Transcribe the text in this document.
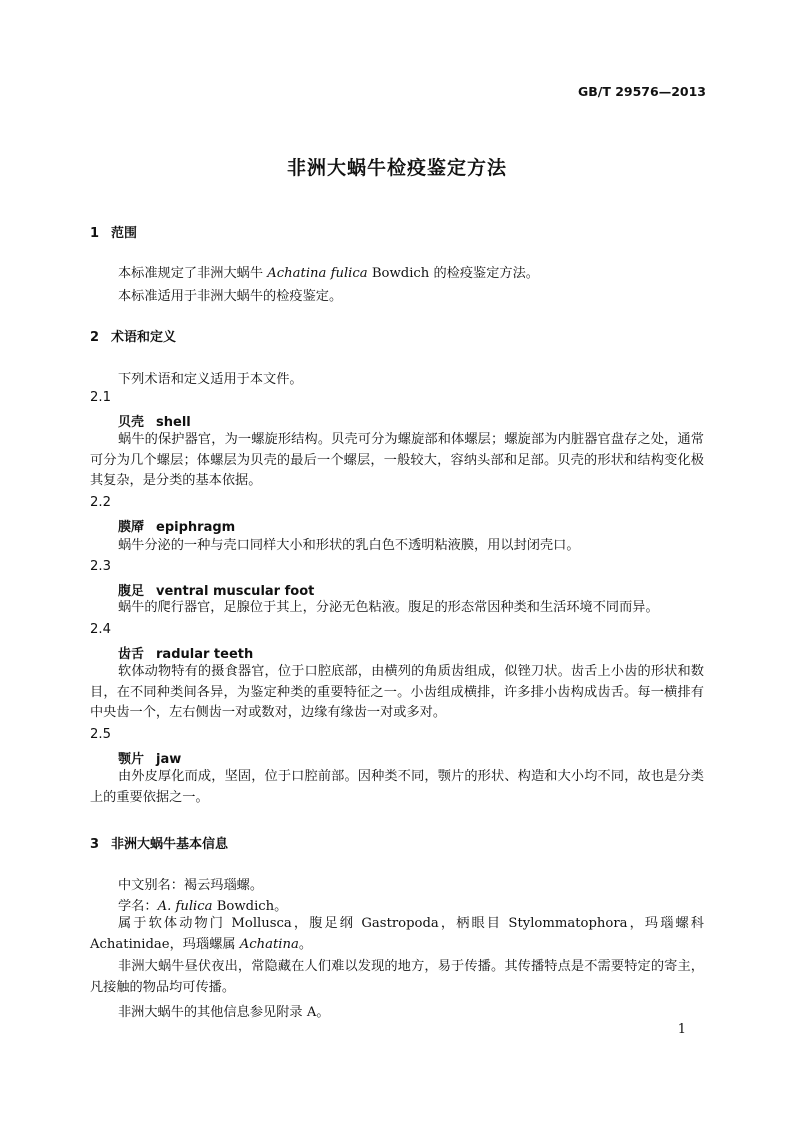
GB/T 29576—2013
非洲大蜗牛检疫鉴定方法
1 范围
本标准规定了非洲大蜗牛 Achatina fulica Bowdich 的检疫鉴定方法。
本标准适用于非洲大蜗牛的检疫鉴定。
2 术语和定义
下列术语和定义适用于本文件。
2.1
贝壳 shell
蜗牛的保护器官，为一螺旋形结构。贝壳可分为螺旋部和体螺层；螺旋部为内脏器官盘存之处，通常可分为几个螺层；体螺层为贝壳的最后一个螺层，一般较大，容纳头部和足部。贝壳的形状和结构变化极其复杂，是分类的基本依据。
2.2
膜厣 epiphragm
蜗牛分泌的一种与壳口同样大小和形状的乳白色不透明粘液膜，用以封闭壳口。
2.3
腹足 ventral muscular foot
蜗牛的爬行器官，足腺位于其上，分泌无色粘液。腹足的形态常因种类和生活环境不同而异。
2.4
齿舌 radular teeth
软体动物特有的摄食器官，位于口腔底部，由横列的角质齿组成，似锉刀状。齿舌上小齿的形状和数目，在不同种类间各异，为鉴定种类的重要特征之一。小齿组成横排，许多排小齿构成齿舌。每一横排有中央齿一个，左右侧齿一对或数对，边缘有缘齿一对或多对。
2.5
颚片 jaw
由外皮厚化而成，坚固，位于口腔前部。因种类不同，颚片的形状、构造和大小均不同，故也是分类上的重要依据之一。
3 非洲大蜗牛基本信息
中文别名：褐云玛瑙螺。
学名：A. fulica Bowdich。
属于软体动物门 Mollusca，腹足纲 Gastropoda，柄眼目 Stylommatophora，玛瑙螺科 Achatinidae，玛瑙螺属 Achatina。
非洲大蜗牛昼伏夜出，常隐藏在人们难以发现的地方，易于传播。其传播特点是不需要特定的寄主，凡接触的物品均可传播。
非洲大蜗牛的其他信息参见附录 A。
1
